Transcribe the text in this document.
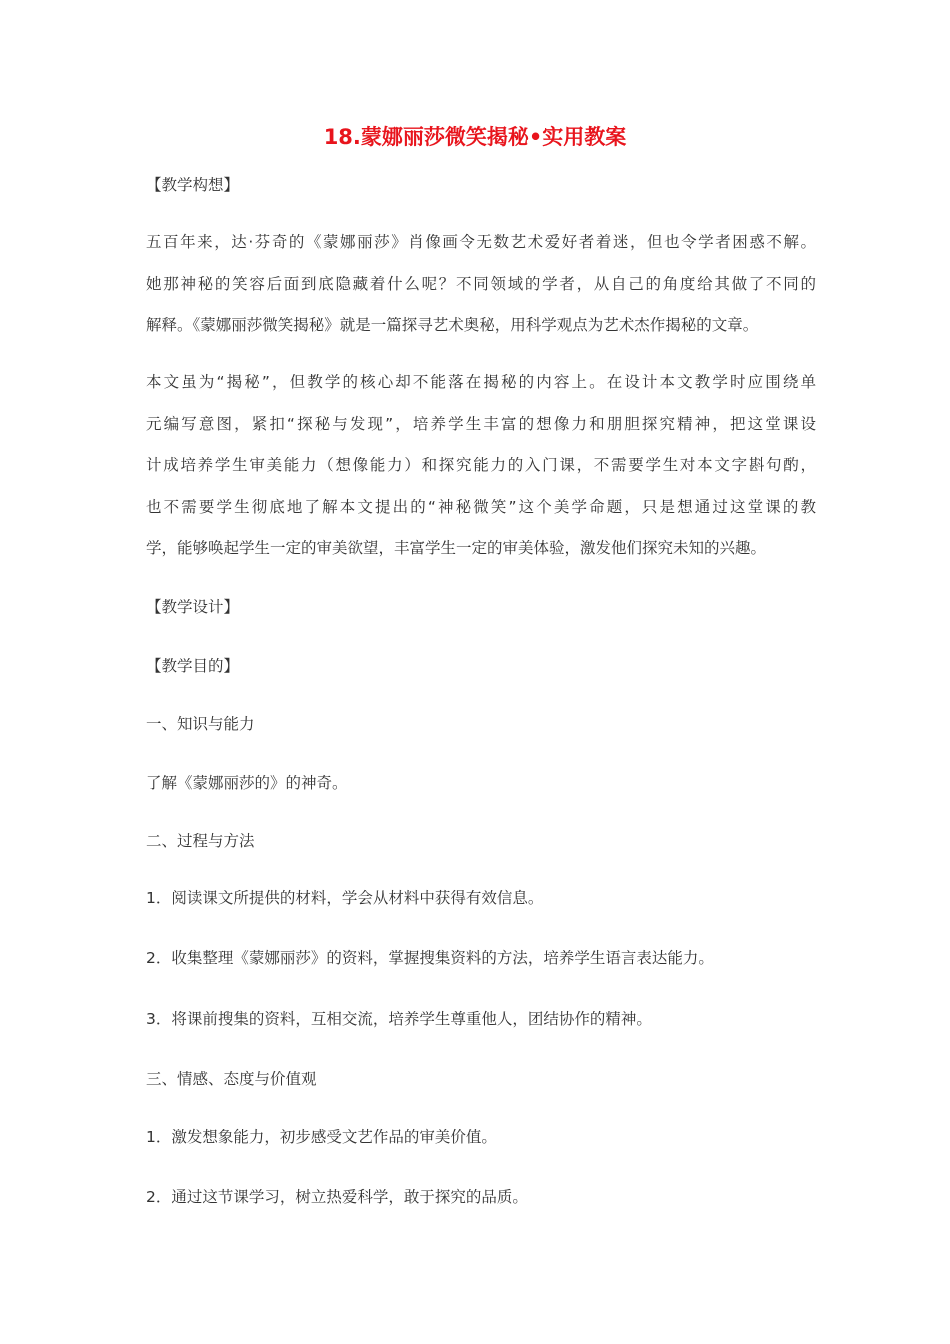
18.蒙娜丽莎微笑揭秘•实用教案
【教学构想】
五百年来，达·芬奇的《蒙娜丽莎》肖像画令无数艺术爱好者着迷，但也令学者困惑不解。
她那神秘的笑容后面到底隐藏着什么呢？不同领域的学者，从自己的角度给其做了不同的
解释。《蒙娜丽莎微笑揭秘》就是一篇探寻艺术奥秘，用科学观点为艺术杰作揭秘的文章。
本文虽为“揭秘”，但教学的核心却不能落在揭秘的内容上。在设计本文教学时应围绕单
元编写意图，紧扣“探秘与发现”，培养学生丰富的想像力和朋胆探究精神，把这堂课设
计成培养学生审美能力（想像能力）和探究能力的入门课，不需要学生对本文字斟句酌，
也不需要学生彻底地了解本文提出的“神秘微笑”这个美学命题，只是想通过这堂课的教
学，能够唤起学生一定的审美欲望，丰富学生一定的审美体验，激发他们探究未知的兴趣。
【教学设计】
【教学目的】
一、知识与能力
了解《蒙娜丽莎的》的神奇。
二、过程与方法
1．阅读课文所提供的材料，学会从材料中获得有效信息。
2．收集整理《蒙娜丽莎》的资料，掌握搜集资料的方法，培养学生语言表达能力。
3．将课前搜集的资料，互相交流，培养学生尊重他人，团结协作的精神。
三、情感、态度与价值观
1．激发想象能力，初步感受文艺作品的审美价值。
2．通过这节课学习，树立热爱科学，敢于探究的品质。
